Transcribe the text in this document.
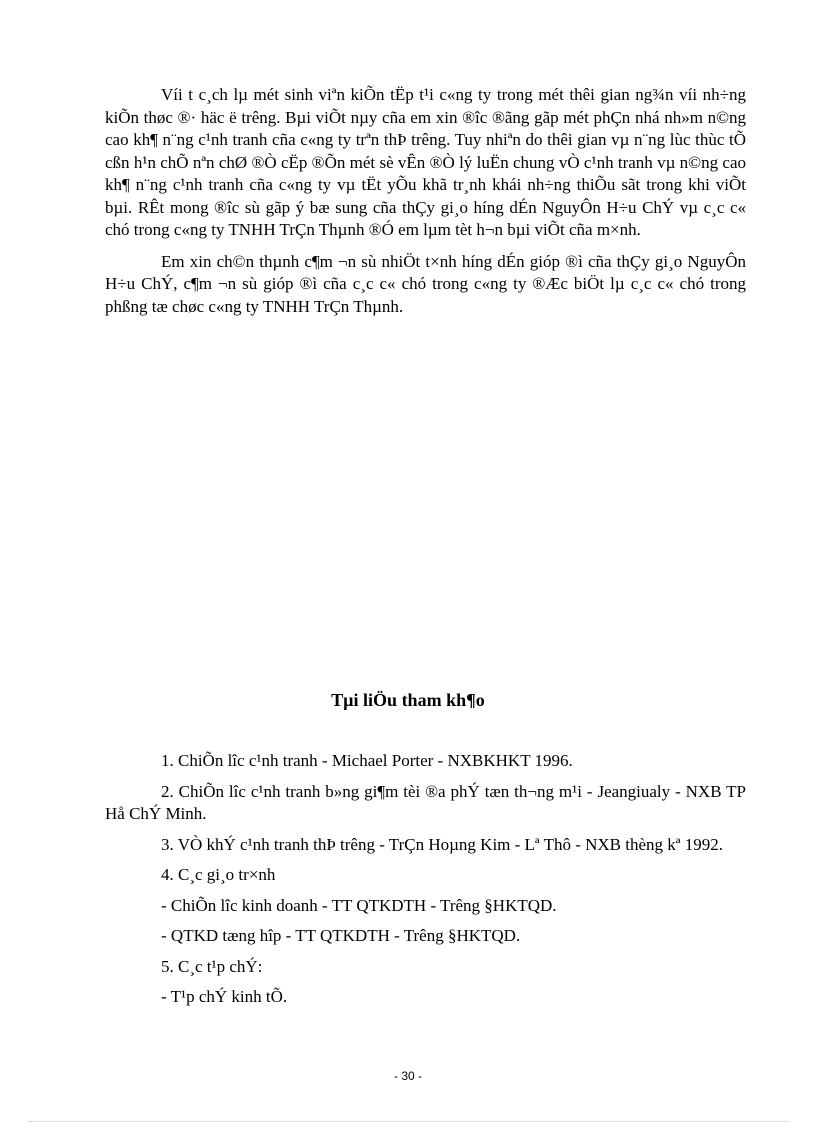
Víi t c¸ch lµ mét sinh viªn kiÕn tËp t¹i c«ng ty trong mét thêi gian ng¾n víi nh÷ng kiÕn thøc ®· häc ë trêng. Bµi viÕt nµy cña em xin ®îc ®ãng gãp mét phÇn nhá nh»m n©ng cao kh¶ n¨ng c¹nh tranh cña c«ng ty trªn thÞ trêng. Tuy nhiªn do thêi gian vµ n¨ng lùc thùc tÕ cßn h¹n chÕ nªn chØ ®Ò cËp ®Õn mét sè vÊn ®Ò lý luËn chung vÒ c¹nh tranh vµ n©ng cao kh¶ n¨ng c¹nh tranh cña c«ng ty vµ tËt yÕu khã tr¸nh khái nh÷ng thiÕu sãt trong khi viÕt bµi. RÊt mong ®îc sù gãp ý bæ sung cña thÇy gi¸o híng dÉn NguyÔn H÷u ChÝ vµ c¸c c« chó trong c«ng ty TNHH TrÇn Thµnh ®Ó em lµm tèt h¬n bµi viÕt cña m×nh.

Em xin ch©n thµnh c¶m ¬n sù nhiÖt t×nh híng dÉn gióp ®ì cña thÇy gi¸o NguyÔn H÷u ChÝ, c¶m ¬n sù gióp ®ì cña c¸c c« chó trong c«ng ty ®Æc biÖt lµ c¸c c« chó trong phßng tæ chøc c«ng ty TNHH TrÇn Thµnh.

Tµi liÖu tham kh¶o

1. ChiÕn lîc c¹nh tranh - Michael Porter - NXBKHKT 1996.

2. ChiÕn lîc c¹nh tranh b»ng gi¶m tèi ®a phÝ tæn th¬ng m¹i - Jeangiualy - NXB TP Hå ChÝ Minh.

3. VÒ khÝ c¹nh tranh thÞ trêng - TrÇn Hoµng Kim - Lª Thô - NXB thèng kª 1992.

4. C¸c gi¸o tr×nh

- ChiÕn lîc kinh doanh - TT QTKDTH - Trêng §HKTQD.

- QTKD tæng hîp - TT QTKDTH - Trêng §HKTQD.

5. C¸c t¹p chÝ:

- T¹p chÝ kinh tÕ.

- 30 -
